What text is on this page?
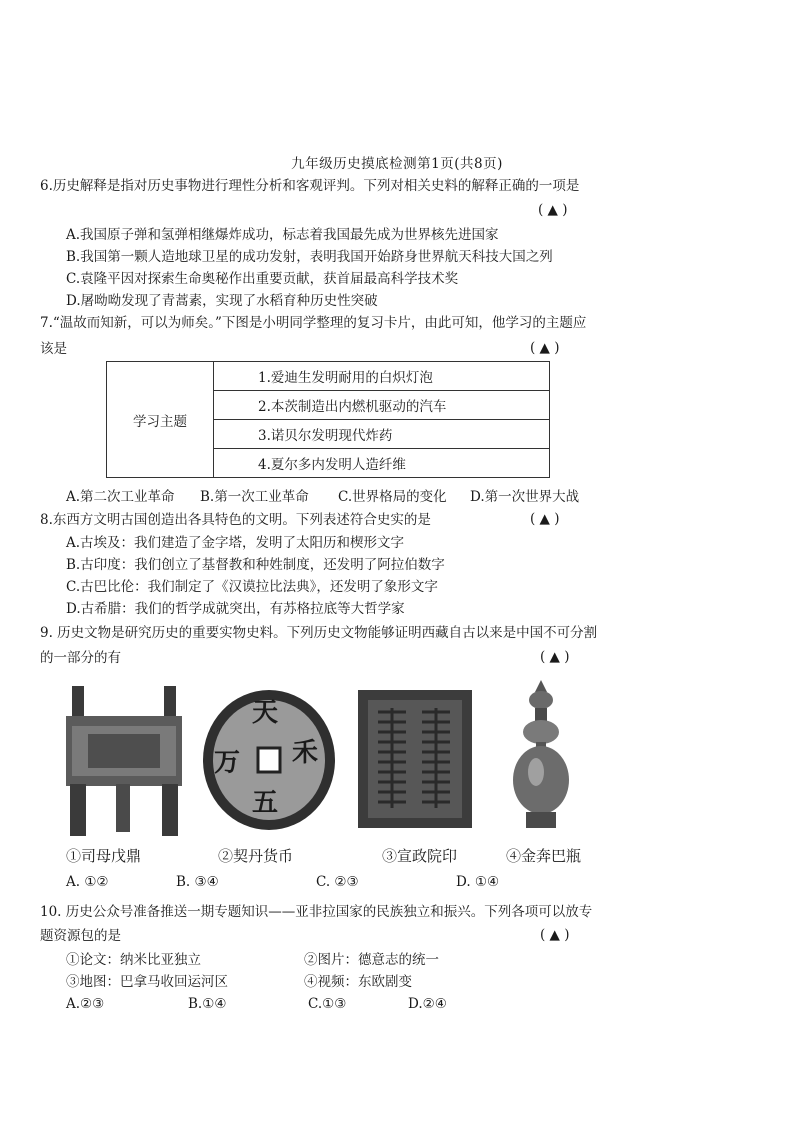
九年级历史摸底检测第1页(共8页)
6.历史解释是指对历史事物进行理性分析和客观评判。下列对相关史料的解释正确的一项是
( ▲ )
A.我国原子弹和氢弹相继爆炸成功，标志着我国最先成为世界核先进国家
B.我国第一颗人造地球卫星的成功发射，表明我国开始跻身世界航天科技大国之列
C.袁隆平因对探索生命奥秘作出重要贡献，获首届最高科学技术奖
D.屠呦呦发现了青蒿素，实现了水稻育种历史性突破
7.“温故而知新，可以为师矣。”下图是小明同学整理的复习卡片，由此可知，他学习的主题应
该是	( ▲ )
学习主题	1.爱迪生发明耐用的白炽灯泡
2.本茨制造出内燃机驱动的汽车
3.诺贝尔发明现代炸药
4.夏尔多内发明人造纤维
A.第二次工业革命 B.第一次工业革命 C.世界格局的变化 D.第一次世界大战
8.东西方文明古国创造出各具特色的文明。下列表述符合史实的是	( ▲ )
A.古埃及：我们建造了金字塔，发明了太阳历和楔形文字
B.古印度：我们创立了基督教和种姓制度，还发明了阿拉伯数字
C.古巴比伦：我们制定了《汉谟拉比法典》，还发明了象形文字
D.古希腊：我们的哲学成就突出，有苏格拉底等大哲学家
9. 历史文物是研究历史的重要实物史料。下列历史文物能够证明西藏自古以来是中国不可分割
的一部分的有	( ▲ )
天
万 禾
五
①司母戊鼎	②契丹货币	③宣政院印	④金奔巴瓶
A. ①②	B. ③④	C. ②③	D. ①④
10. 历史公众号准备推送一期专题知识——亚非拉国家的民族独立和振兴。下列各项可以放专
题资源包的是	( ▲ )
①论文：纳米比亚独立	②图片：德意志的统一
③地图：巴拿马收回运河区	④视频：东欧剧变
A.②③	B.①④	C.①③	D.②④
